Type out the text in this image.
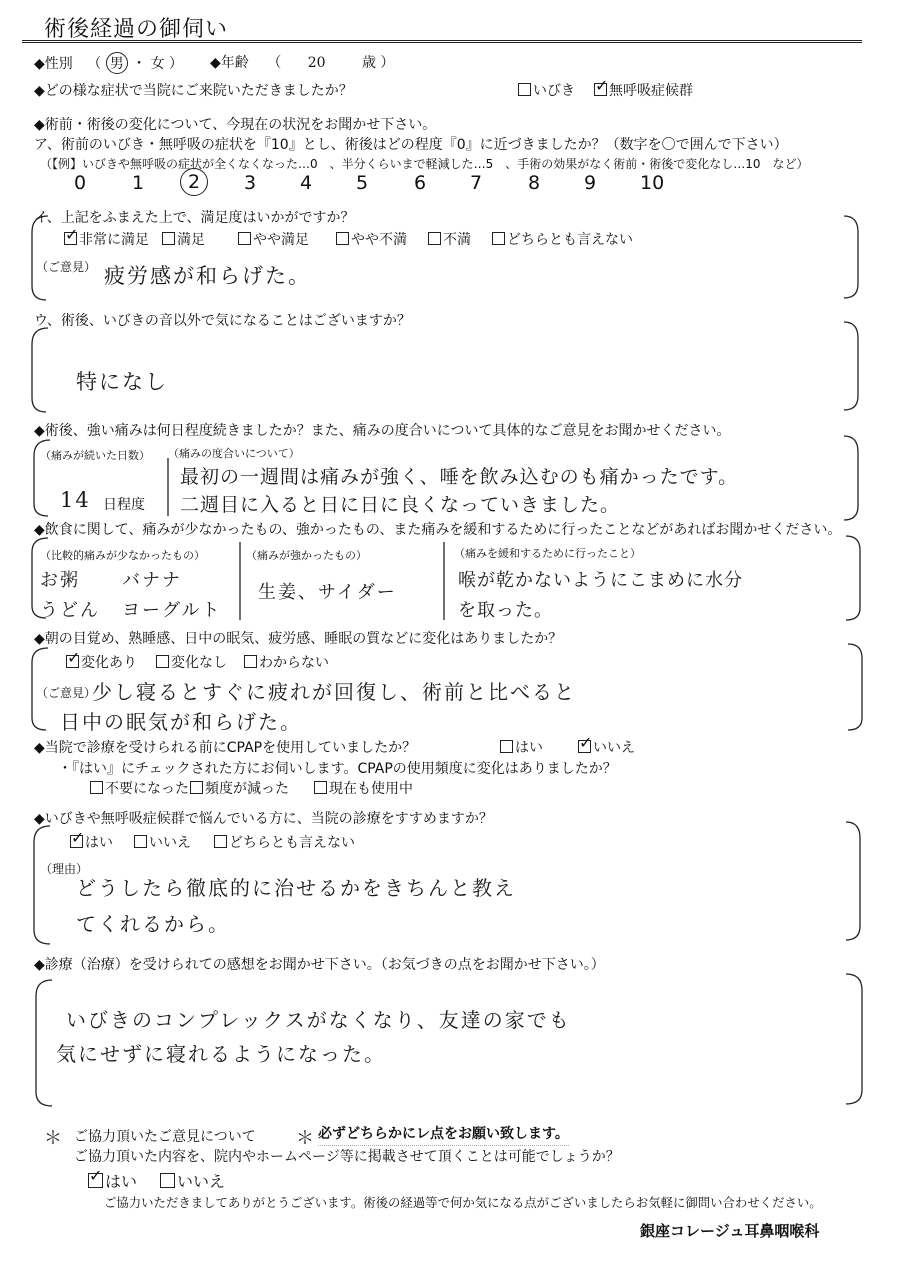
術後経過の御伺い
◆性別 （ 男 ・ 女 ） ◆年齢 （ 20	歳 ）
◆どの様な症状で当院にご来院いただきましたか？	いびき ✓	無呼吸症候群
◆術前・術後の変化について、今現在の状況をお聞かせ下さい。
ア、術前のいびき・無呼吸の症状を『10』とし、術後はどの程度『0』に近づきましたか？（数字を〇で囲んで下さい）
（【例】いびきや無呼吸の症状が全くなくなった…0　、半分くらいまで軽減した…5　、手術の効果がなく術前・術後で変化なし…10　など）
イ、上記をふまえた上で、満足度はいかがですか？
（ご意見） 疲労感が和らげた。
ウ、術後、いびきの音以外で気になることはございますか？
特になし
◆術後、強い痛みは何日程度続きましたか？また、痛みの度合いについて具体的なご意見をお聞かせください。
（痛みが続いた日数）
14 日程度
（痛みの度合いについて）
最初の一週間は痛みが強く、唾を飲み込むのも痛かったです。
二週目に入ると日に日に良くなっていきました。
◆飲食に関して、痛みが少なかったもの、強かったもの、また痛みを緩和するために行ったことなどがあればお聞かせください。
（比較的痛みが少なかったもの）
お粥 バナナ
うどん ヨーグルト
（痛みが強かったもの）
生姜、サイダー
（痛みを緩和するために行ったこと）
喉が乾かないようにこまめに水分
を取った。
◆朝の目覚め、熟睡感、日中の眠気、疲労感、睡眠の質などに変化はありましたか？
（ご意見）
少し寝るとすぐに疲れが回復し、術前と比べると
日中の眠気が和らげた。
◆当院で診療を受けられる前にCPAPを使用していましたか？	はい ✓	いいえ
・『はい』にチェックされた方にお伺いします。CPAPの使用頻度に変化はありましたか？
◆いびきや無呼吸症候群で悩んでいる方に、当院の診療をすすめますか？
（理由）
どうしたら徹底的に治せるかをきちんと教え
てくれるから。
◆診療（治療）を受けられての感想をお聞かせ下さい。（お気づきの点をお聞かせ下さい。）
いびきのコンプレックスがなくなり、友達の家でも
気にせずに寝れるようになった。
＊ ご協力頂いたご意見について ＊ 必ずどちらかにレ点をお願い致します。
ご協力頂いた内容を、院内やホームページ等に掲載させて頂くことは可能でしょうか？
✓はい	いいえ
ご協力いただきましてありがとうございます。術後の経過等で何か気になる点がございましたらお気軽に御問い合わせください。
銀座コレージュ耳鼻咽喉科
0 1	2	3 4 5 6 7 8 9 10
✓非常に満足	満足	やや満足	やや不満	不満	どちらとも言えない
✓変化あり	変化なし	わからない
不要になった	頻度が減った	現在も使用中
✓はい	いいえ	どちらとも言えない
